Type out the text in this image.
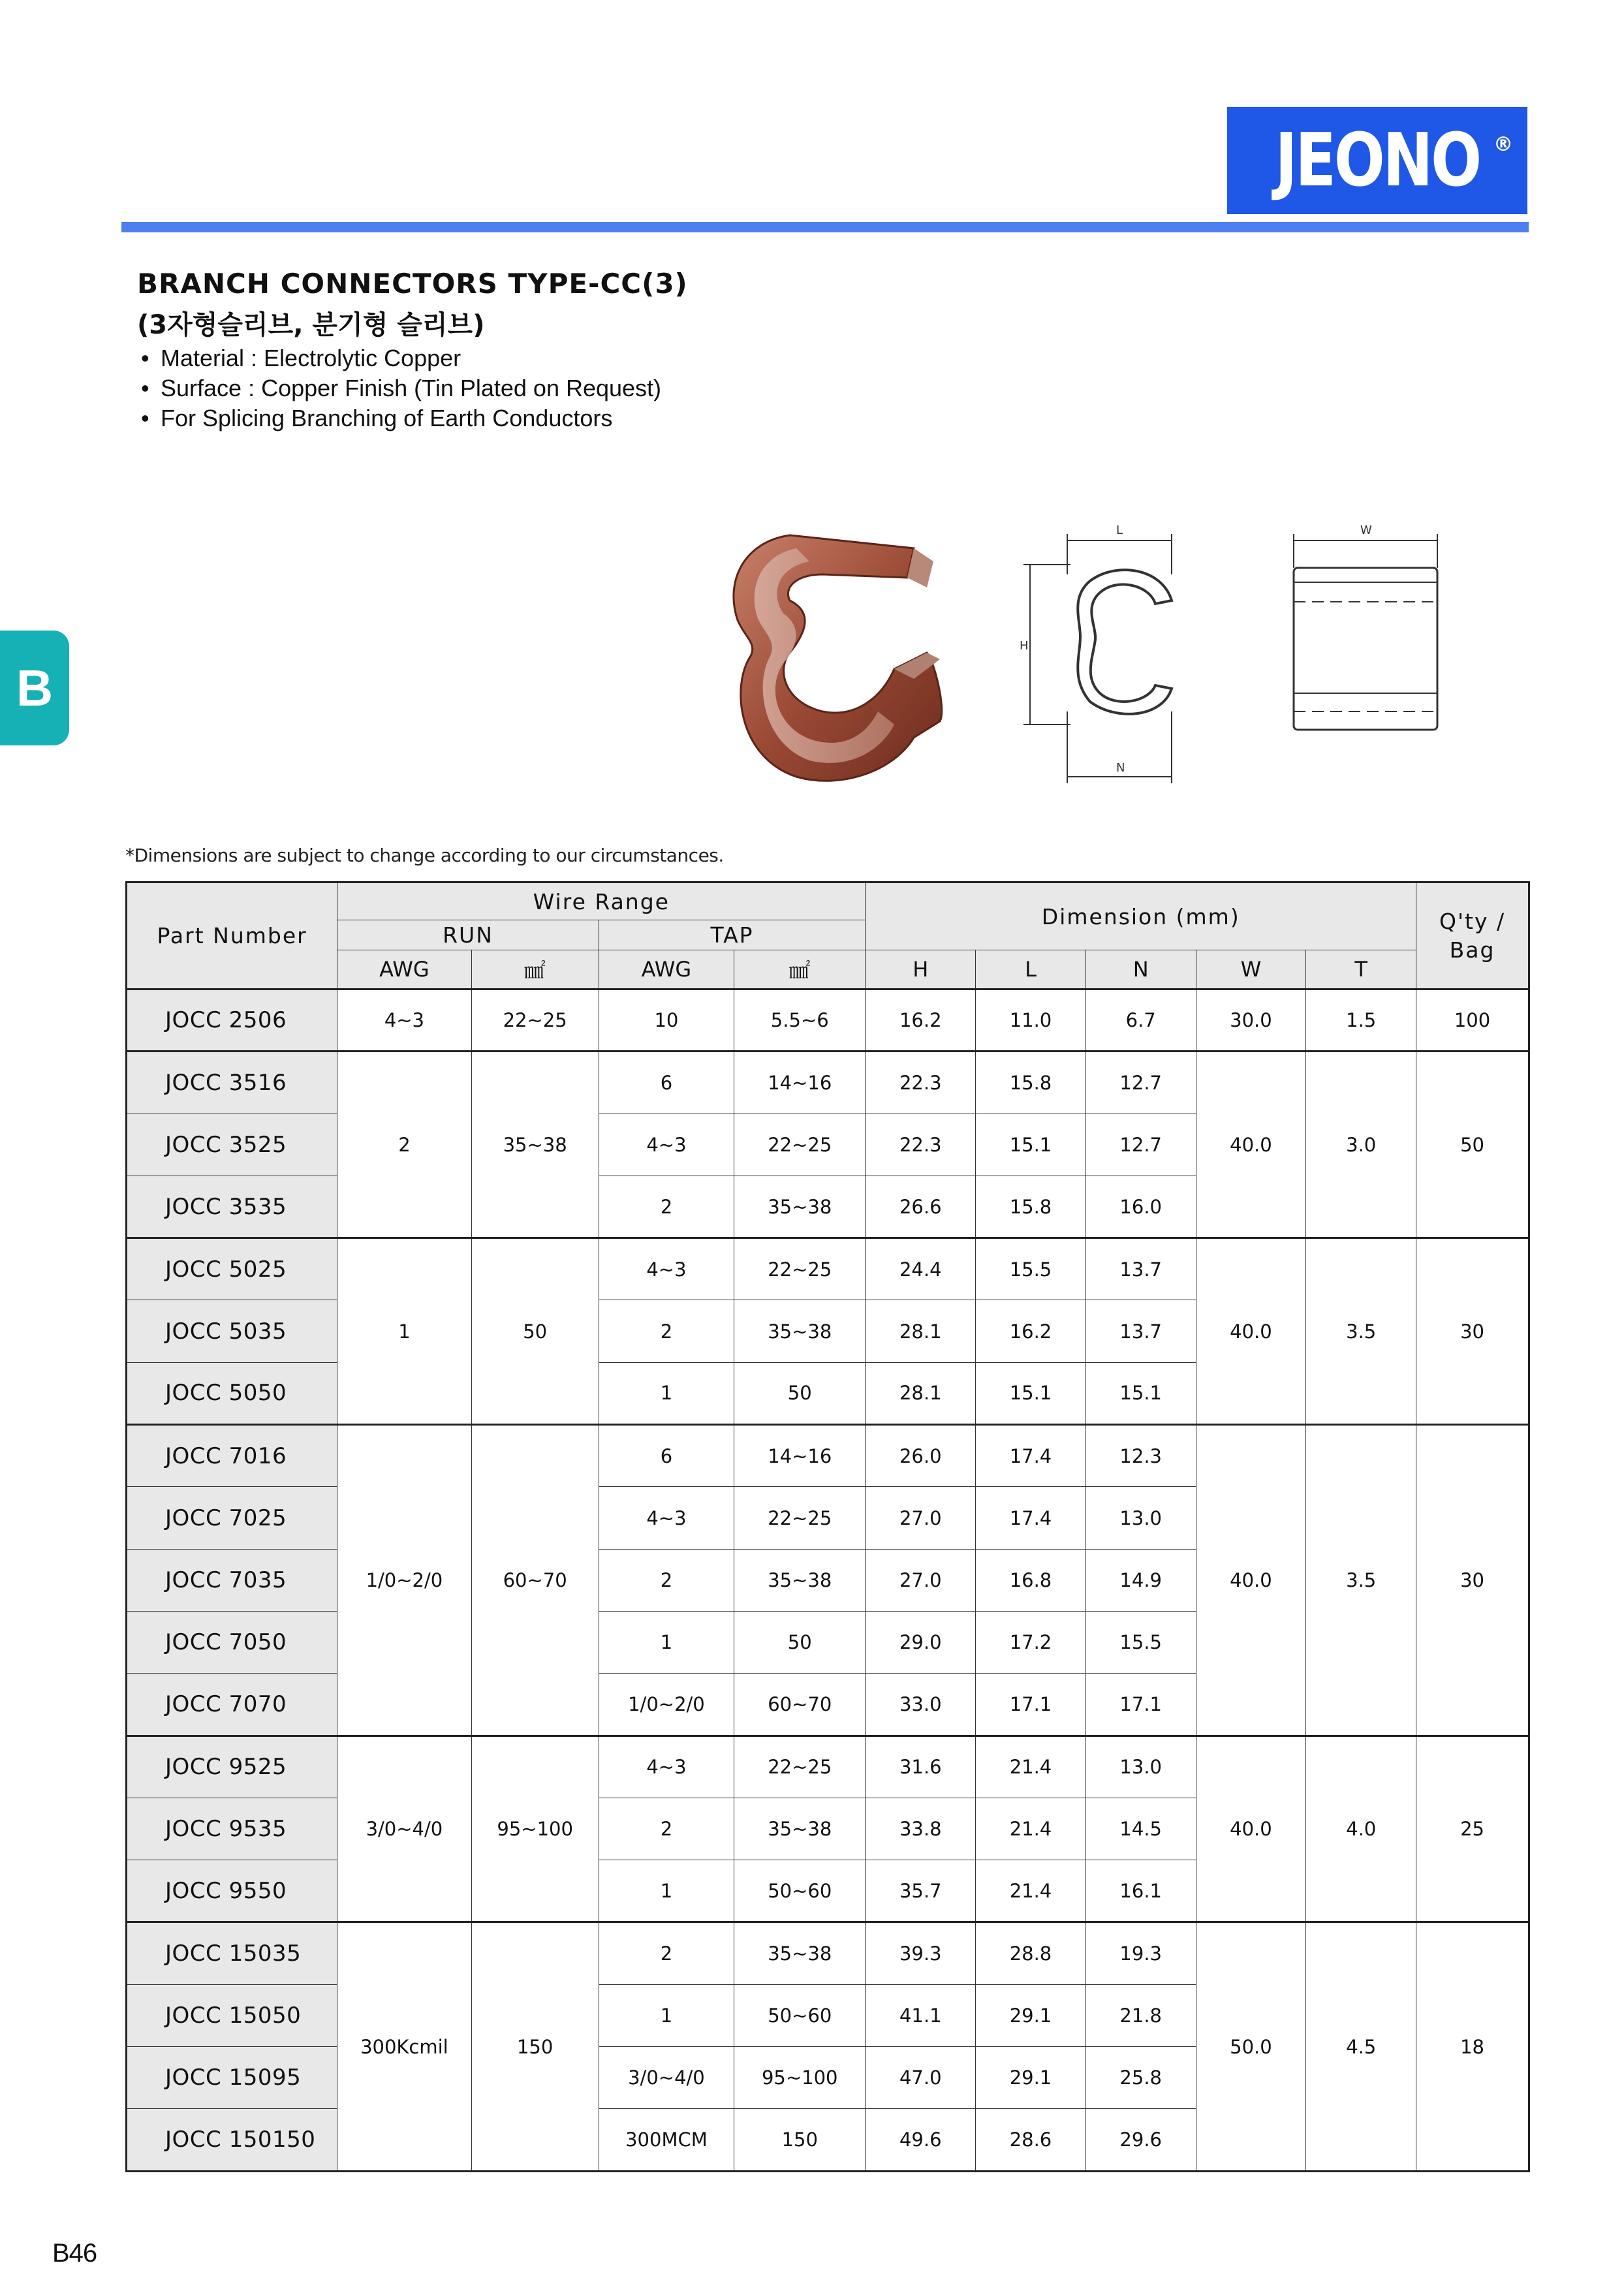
JEONO ®
BRANCH CONNECTORS TYPE-CC(3)
(3자형슬리브, 분기형 슬리브)
• Material : Electrolytic Copper
• Surface : Copper Finish (Tin Plated on Request)
• For Splicing Branching of Earth Conductors
B
L
H
N
W
*Dimensions are subject to change according to our circumstances.
Part Number	Wire Range				Dimension (mm)					Q'ty / Bag
	RUN		TAP							
	AWG	㎟	AWG	㎟	H	L	N	W	T	
JOCC 2506	4~3	22~25	10	5.5~6	16.2	11.0	6.7	30.0	1.5	100
JOCC 3516	2	35~38	6	14~16	22.3	15.8	12.7	40.0	3.0	50
JOCC 3525			4~3	22~25	22.3	15.1	12.7			
JOCC 3535			2	35~38	26.6	15.8	16.0			
JOCC 5025	1	50	4~3	22~25	24.4	15.5	13.7	40.0	3.5	30
JOCC 5035			2	35~38	28.1	16.2	13.7			
JOCC 5050			1	50	28.1	15.1	15.1			
JOCC 7016	1/0~2/0	60~70	6	14~16	26.0	17.4	12.3	40.0	3.5	30
JOCC 7025			4~3	22~25	27.0	17.4	13.0			
JOCC 7035			2	35~38	27.0	16.8	14.9			
JOCC 7050			1	50	29.0	17.2	15.5			
JOCC 7070			1/0~2/0	60~70	33.0	17.1	17.1			
JOCC 9525	3/0~4/0	95~100	4~3	22~25	31.6	21.4	13.0	40.0	4.0	25
JOCC 9535			2	35~38	33.8	21.4	14.5			
JOCC 9550			1	50~60	35.7	21.4	16.1			
JOCC 15035	300Kcmil	150	2	35~38	39.3	28.8	19.3	50.0	4.5	18
JOCC 15050			1	50~60	41.1	29.1	21.8			
JOCC 15095			3/0~4/0	95~100	47.0	29.1	25.8			
JOCC 150150			300MCM	150	49.6	28.6	29.6			
B46
